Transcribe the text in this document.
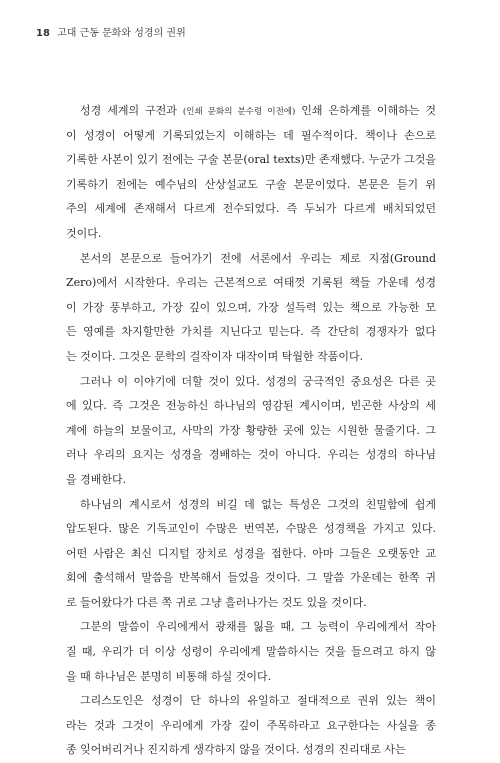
18 고대 근동 문화와 성경의 권위
성경 세계의 구전과 (인쇄 문화의 분수령 이전에) 인쇄 은하계를 이해하는 것
이 성경이 어떻게 기록되었는지 이해하는 데 필수적이다. 책이나 손으로
기록한 사본이 있기 전에는 구술 본문(oral texts)만 존재했다. 누군가 그것을
기록하기 전에는 예수님의 산상설교도 구술 본문이었다. 본문은 듣기 위
주의 세계에 존재해서 다르게 전수되었다. 즉 두뇌가 다르게 배치되었던
것이다.
본서의 본문으로 들어가기 전에 서론에서 우리는 제로 지점(Ground
Zero)에서 시작한다. 우리는 근본적으로 여태껏 기록된 책들 가운데 성경
이 가장 풍부하고, 가장 깊이 있으며, 가장 설득력 있는 책으로 가능한 모
든 영예를 차지할만한 가치를 지닌다고 믿는다. 즉 간단히 경쟁자가 없다
는 것이다. 그것은 문학의 걸작이자 대작이며 탁월한 작품이다.
그러나 이 이야기에 더할 것이 있다. 성경의 궁극적인 중요성은 다른 곳
에 있다. 즉 그것은 전능하신 하나님의 영감된 계시이며, 빈곤한 사상의 세
계에 하늘의 보물이고, 사막의 가장 황량한 곳에 있는 시원한 물줄기다. 그
러나 우리의 요지는 성경을 경배하는 것이 아니다. 우리는 성경의 하나님
을 경배한다.
하나님의 계시로서 성경의 비길 데 없는 특성은 그것의 친밀함에 쉽게
압도된다. 많은 기독교인이 수많은 번역본, 수많은 성경책을 가지고 있다.
어떤 사람은 최신 디지털 장치로 성경을 접한다. 아마 그들은 오랫동안 교
회에 출석해서 말씀을 반복해서 들었을 것이다. 그 말씀 가운데는 한쪽 귀
로 들어왔다가 다른 쪽 귀로 그냥 흘러나가는 것도 있을 것이다.
그분의 말씀이 우리에게서 광채를 잃을 때, 그 능력이 우리에게서 작아
질 때, 우리가 더 이상 성령이 우리에게 말씀하시는 것을 들으려고 하지 않
을 때 하나님은 분명히 비통해 하실 것이다.
그리스도인은 성경이 단 하나의 유일하고 절대적으로 권위 있는 책이
라는 것과 그것이 우리에게 가장 깊이 주목하라고 요구한다는 사실을 종
종 잊어버리거나 진지하게 생각하지 않을 것이다. 성경의 진리대로 사는
